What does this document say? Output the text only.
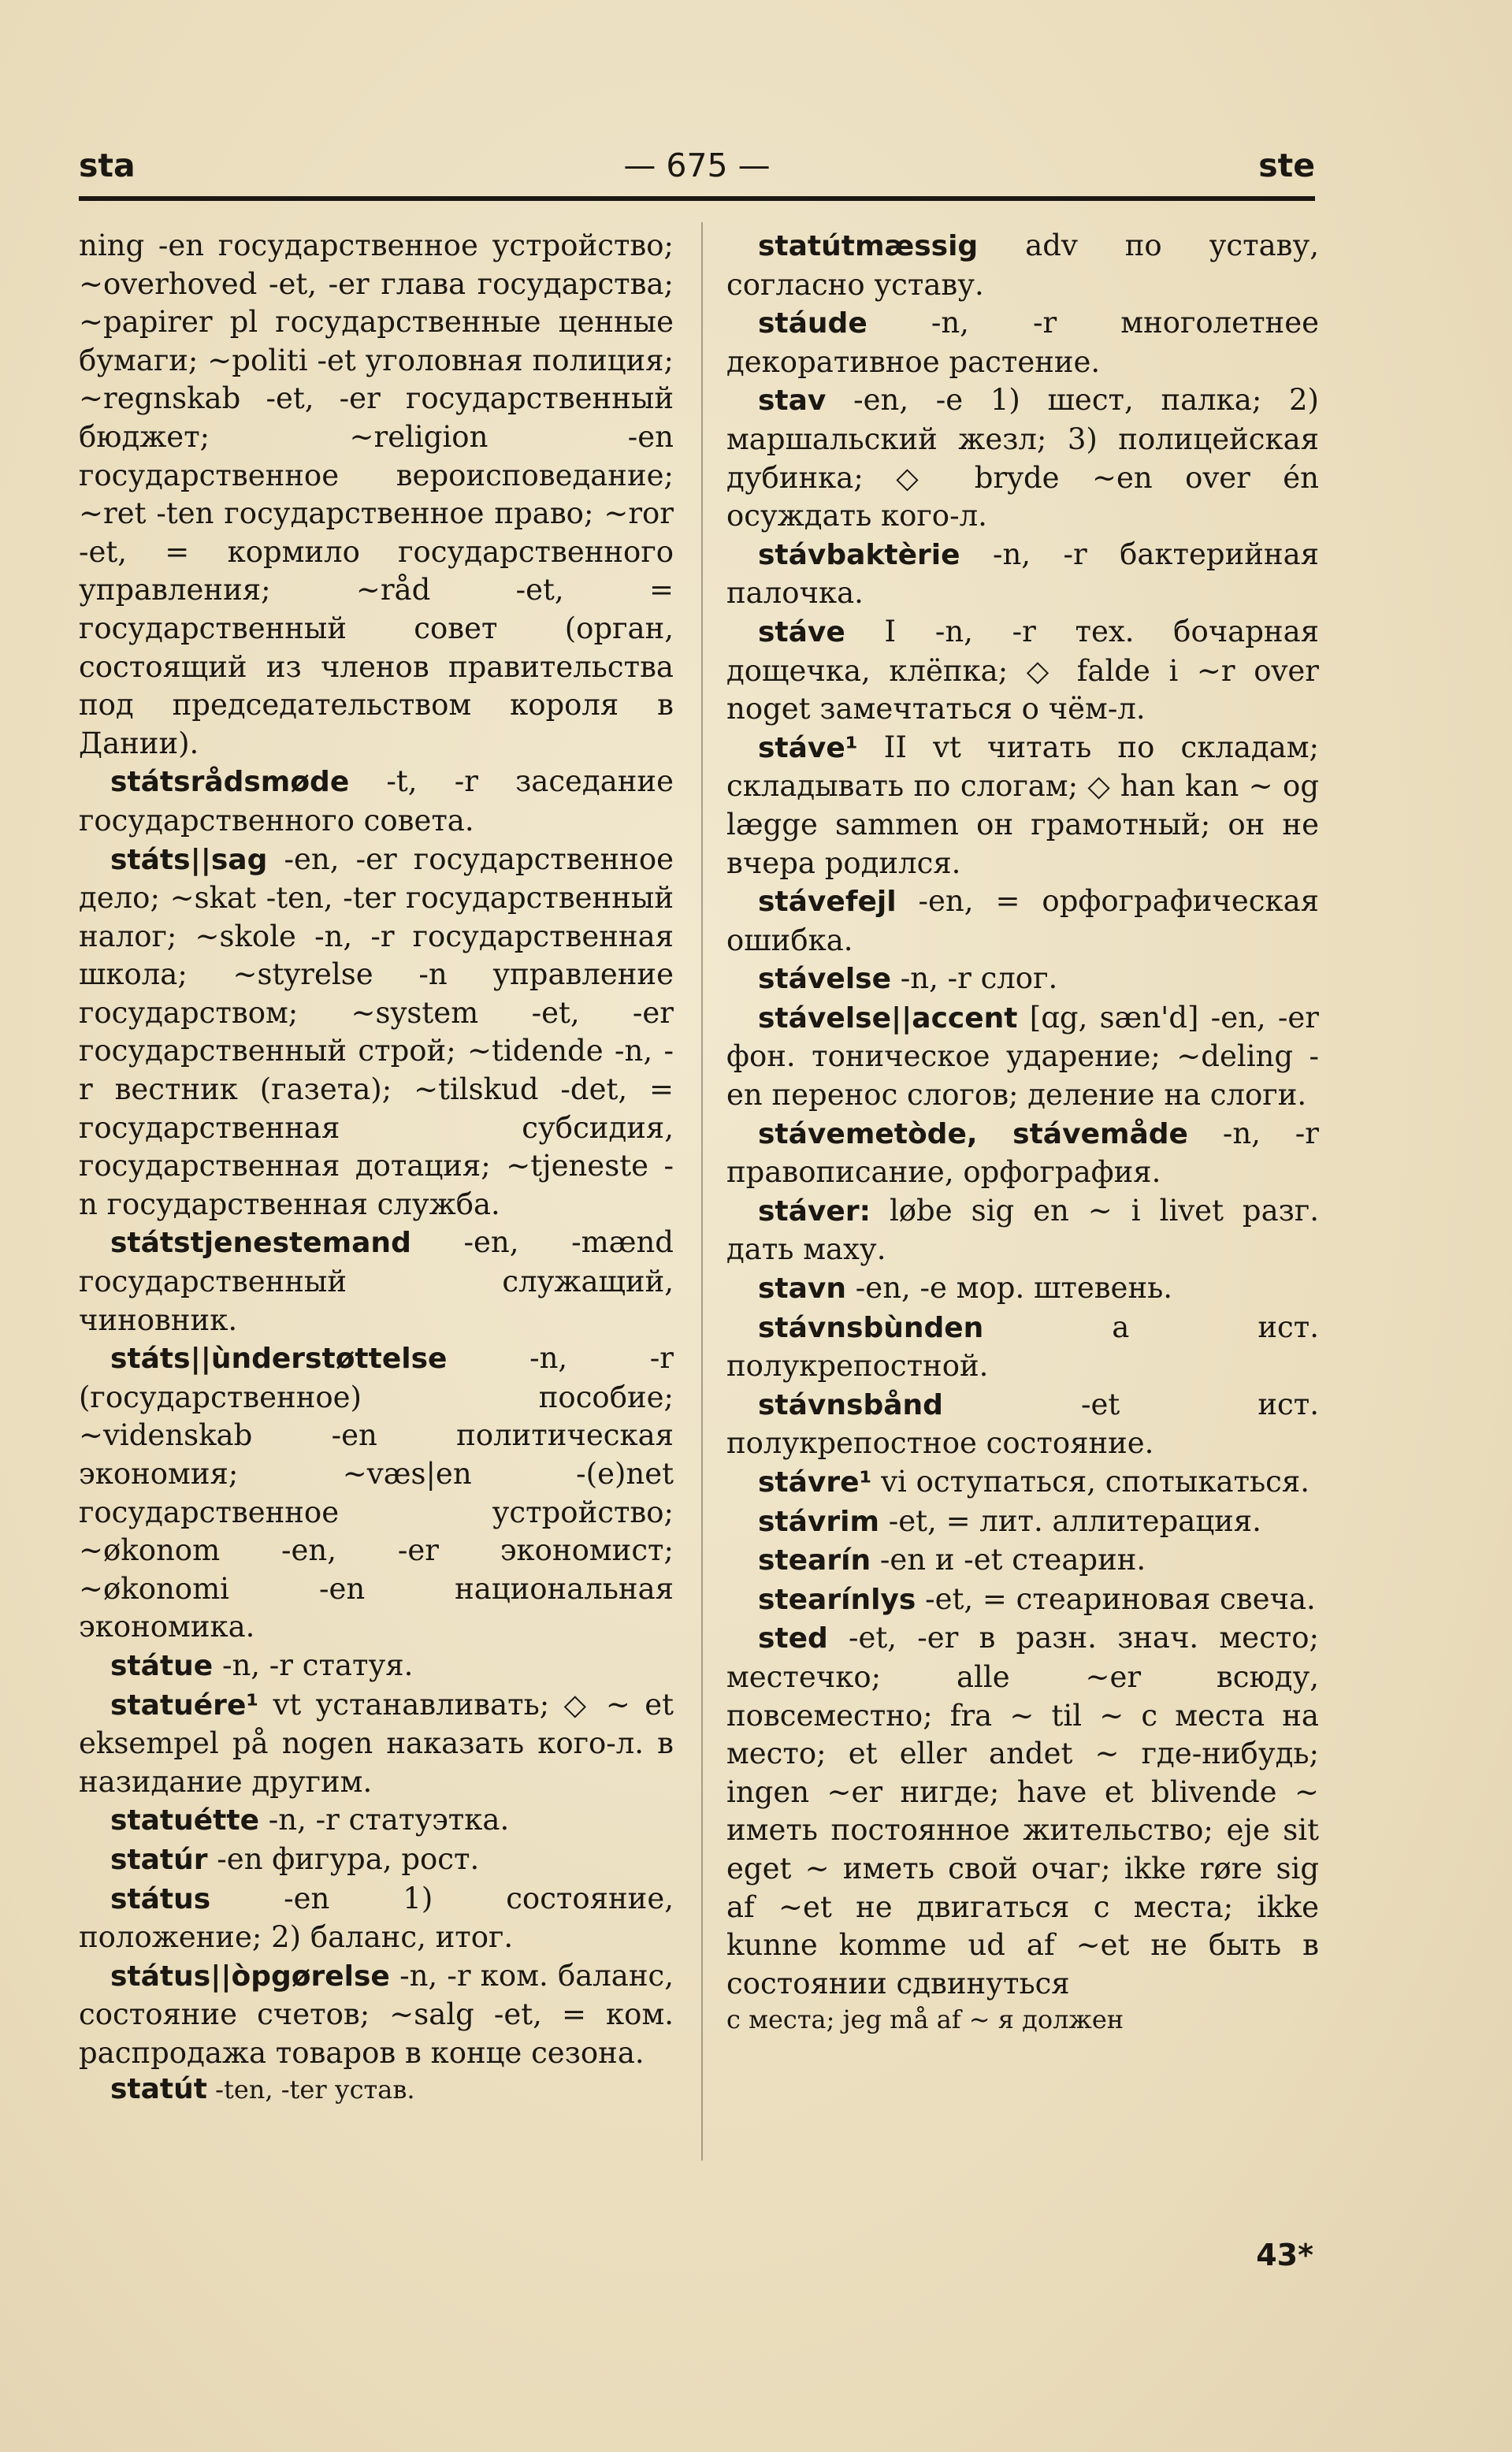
sta	— 675 —	ste

ning -en государственное устройство; ~overhoved -et, -er глава государства; ~papirer pl государственные ценные бумаги; ~politi -et уголовная полиция; ~regnskab -et, -er государственный бюджет; ~religion -en государственное вероисповедание; ~ret -ten государственное право; ~ror -et, = кормило государственного управления; ~råd -et, = государственный совет (орган, состоящий из членов правительства под председательством короля в Дании).

státsrådsmøde -t, -r заседание государственного совета.

státs||sag -en, -er государственное дело; ~skat -ten, -ter государственный налог; ~skole -n, -r государственная школа; ~styrelse -n управление государством; ~system -et, -er государственный строй; ~tidende -n, -r вестник (газета); ~tilskud -det, = государственная субсидия, государственная дотация; ~tjeneste -n государственная служба.

státstjenestemand -en, -mænd государственный служащий, чиновник.

státs||ùnderstøttelse -n, -r (государственное) пособие; ~videnskab -en политическая экономия; ~væs|en -(e)net государственное устройство; ~økonom -en, -er экономист; ~økonomi -en национальная экономика.

státue -n, -r статуя.

statuére¹ vt устанавливать; ◇ ~ et eksempel på nogen наказать кого-л. в назидание другим.

statuétte -n, -r статуэтка.

statúr -en фигура, рост.

státus -en 1) состояние, положение; 2) баланс, итог.

státus||òpgørelse -n, -r ком. баланс, состояние счетов; ~salg -et, = ком. распродажа товаров в конце сезона.

statút -ten, -ter устав.

statútmæssig adv по уставу, согласно уставу.

stáude -n, -r многолетнее декоративное растение.

stav -en, -e 1) шест, палка; 2) маршальский жезл; 3) полицейская дубинка; ◇ bryde ~en over én осуждать кого-л.

stávbaktèrie -n, -r бактерийная палочка.

stáve I -n, -r тех. бочарная дощечка, клёпка; ◇ falde i ~r over noget замечтаться о чём-л.

stáve¹ II vt читать по складам; складывать по слогам; ◇ han kan ~ og lægge sammen он грамотный; он не вчера родился.

stávefejl -en, = орфографическая ошибка.

stávelse -n, -r слог.

stávelse||accent [ɑg, sæn'd] -en, -er фон. тоническое ударение; ~deling -en перенос слогов; деление на слоги.

stávemetòde, stávemåde -n, -r правописание, орфография.

stáver: løbe sig en ~ i livet разг. дать маху.

stavn -en, -e мор. штевень.

stávnsbùnden a ист. полукрепостной.

stávnsbånd -et ист. полукрепостное состояние.

stávre¹ vi оступаться, спотыкаться.

stávrim -et, = лит. аллитерация.

stearín -en и -et стеарин.

stearínlys -et, = стеариновая свеча.

sted -et, -er в разн. знач. место; местечко; alle ~er всюду, повсеместно; fra ~ til ~ с места на место; et eller andet ~ где-нибудь; ingen ~er нигде; have et blivende ~ иметь постоянное жительство; eje sit eget ~ иметь свой очаг; ikke røre sig af ~et не двигаться с места; ikke kunne komme ud af ~et не быть в состоянии сдвинуться

с места; jeg må af ~ я должен

43*
